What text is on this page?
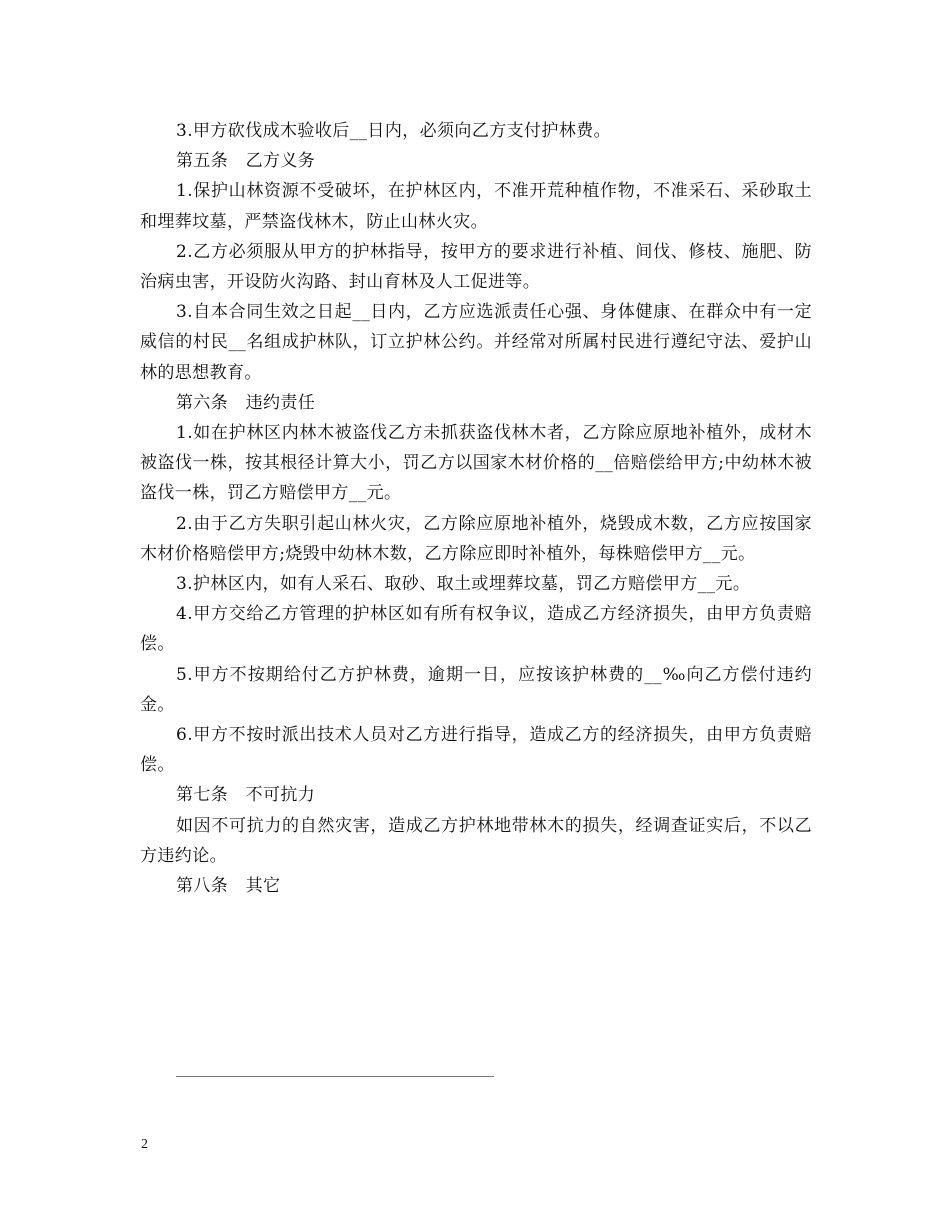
3.甲方砍伐成木验收后__日内，必须向乙方支付护林费。

第五条　乙方义务

1.保护山林资源不受破坏，在护林区内，不准开荒种植作物，不准采石、采砂取土和埋葬坟墓，严禁盗伐林木，防止山林火灾。

2.乙方必须服从甲方的护林指导，按甲方的要求进行补植、间伐、修枝、施肥、防治病虫害，开设防火沟路、封山育林及人工促进等。

3.自本合同生效之日起__日内，乙方应选派责任心强、身体健康、在群众中有一定威信的村民__名组成护林队，订立护林公约。并经常对所属村民进行遵纪守法、爱护山林的思想教育。

第六条　违约责任

1.如在护林区内林木被盗伐乙方未抓获盗伐林木者，乙方除应原地补植外，成材木被盗伐一株，按其根径计算大小，罚乙方以国家木材价格的__倍赔偿给甲方;中幼林木被盗伐一株，罚乙方赔偿甲方__元。

2.由于乙方失职引起山林火灾，乙方除应原地补植外，烧毁成木数，乙方应按国家木材价格赔偿甲方;烧毁中幼林木数，乙方除应即时补植外，每株赔偿甲方__元。

3.护林区内，如有人采石、取砂、取土或埋葬坟墓，罚乙方赔偿甲方__元。

4.甲方交给乙方管理的护林区如有所有权争议，造成乙方经济损失，由甲方负责赔偿。

5.甲方不按期给付乙方护林费，逾期一日，应按该护林费的__‰向乙方偿付违约金。

6.甲方不按时派出技术人员对乙方进行指导，造成乙方的经济损失，由甲方负责赔偿。

第七条　不可抗力

如因不可抗力的自然灾害，造成乙方护林地带林木的损失，经调查证实后，不以乙方违约论。

第八条　其它

2
